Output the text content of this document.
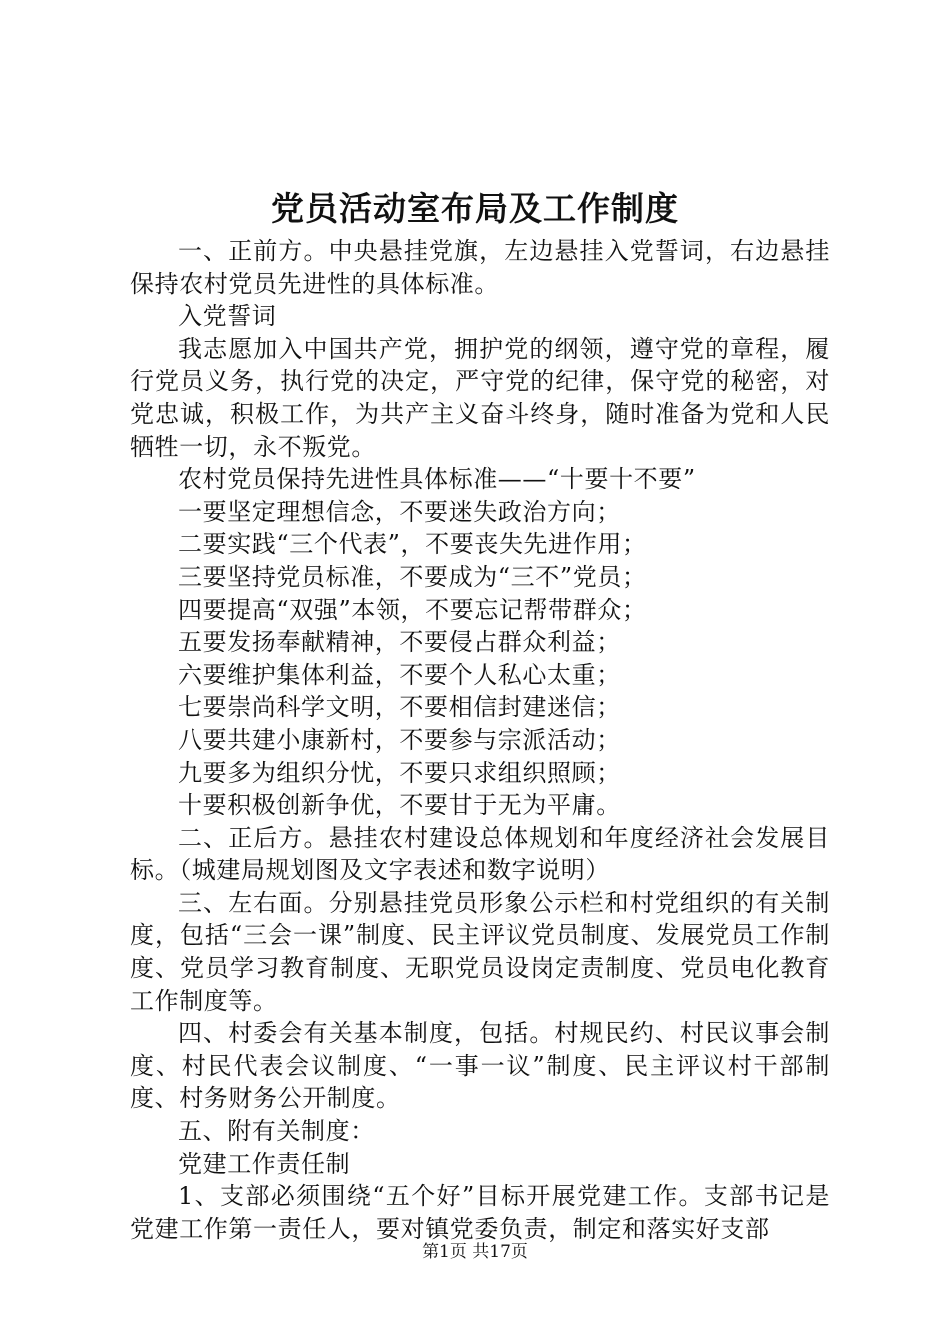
党员活动室布局及工作制度

一、正前方。中央悬挂党旗，左边悬挂入党誓词，右边悬挂保持农村党员先进性的具体标准。

入党誓词

我志愿加入中国共产党，拥护党的纲领，遵守党的章程，履行党员义务，执行党的决定，严守党的纪律，保守党的秘密，对党忠诚，积极工作，为共产主义奋斗终身，随时准备为党和人民牺牲一切，永不叛党。

农村党员保持先进性具体标准——“十要十不要”

一要坚定理想信念，不要迷失政治方向；

二要实践“三个代表”，不要丧失先进作用；

三要坚持党员标准，不要成为“三不”党员；

四要提高“双强”本领，不要忘记帮带群众；

五要发扬奉献精神，不要侵占群众利益；

六要维护集体利益，不要个人私心太重；

七要崇尚科学文明，不要相信封建迷信；

八要共建小康新村，不要参与宗派活动；

九要多为组织分忧，不要只求组织照顾；

十要积极创新争优，不要甘于无为平庸。

二、正后方。悬挂农村建设总体规划和年度经济社会发展目标。（城建局规划图及文字表述和数字说明）

三、左右面。分别悬挂党员形象公示栏和村党组织的有关制度，包括“三会一课”制度、民主评议党员制度、发展党员工作制度、党员学习教育制度、无职党员设岗定责制度、党员电化教育工作制度等。

四、村委会有关基本制度，包括。村规民约、村民议事会制度、村民代表会议制度、“一事一议”制度、民主评议村干部制度、村务财务公开制度。

五、附有关制度：

党建工作责任制

1、支部必须围绕“五个好”目标开展党建工作。支部书记是党建工作第一责任人，要对镇党委负责，制定和落实好支部

第1页 共17页
